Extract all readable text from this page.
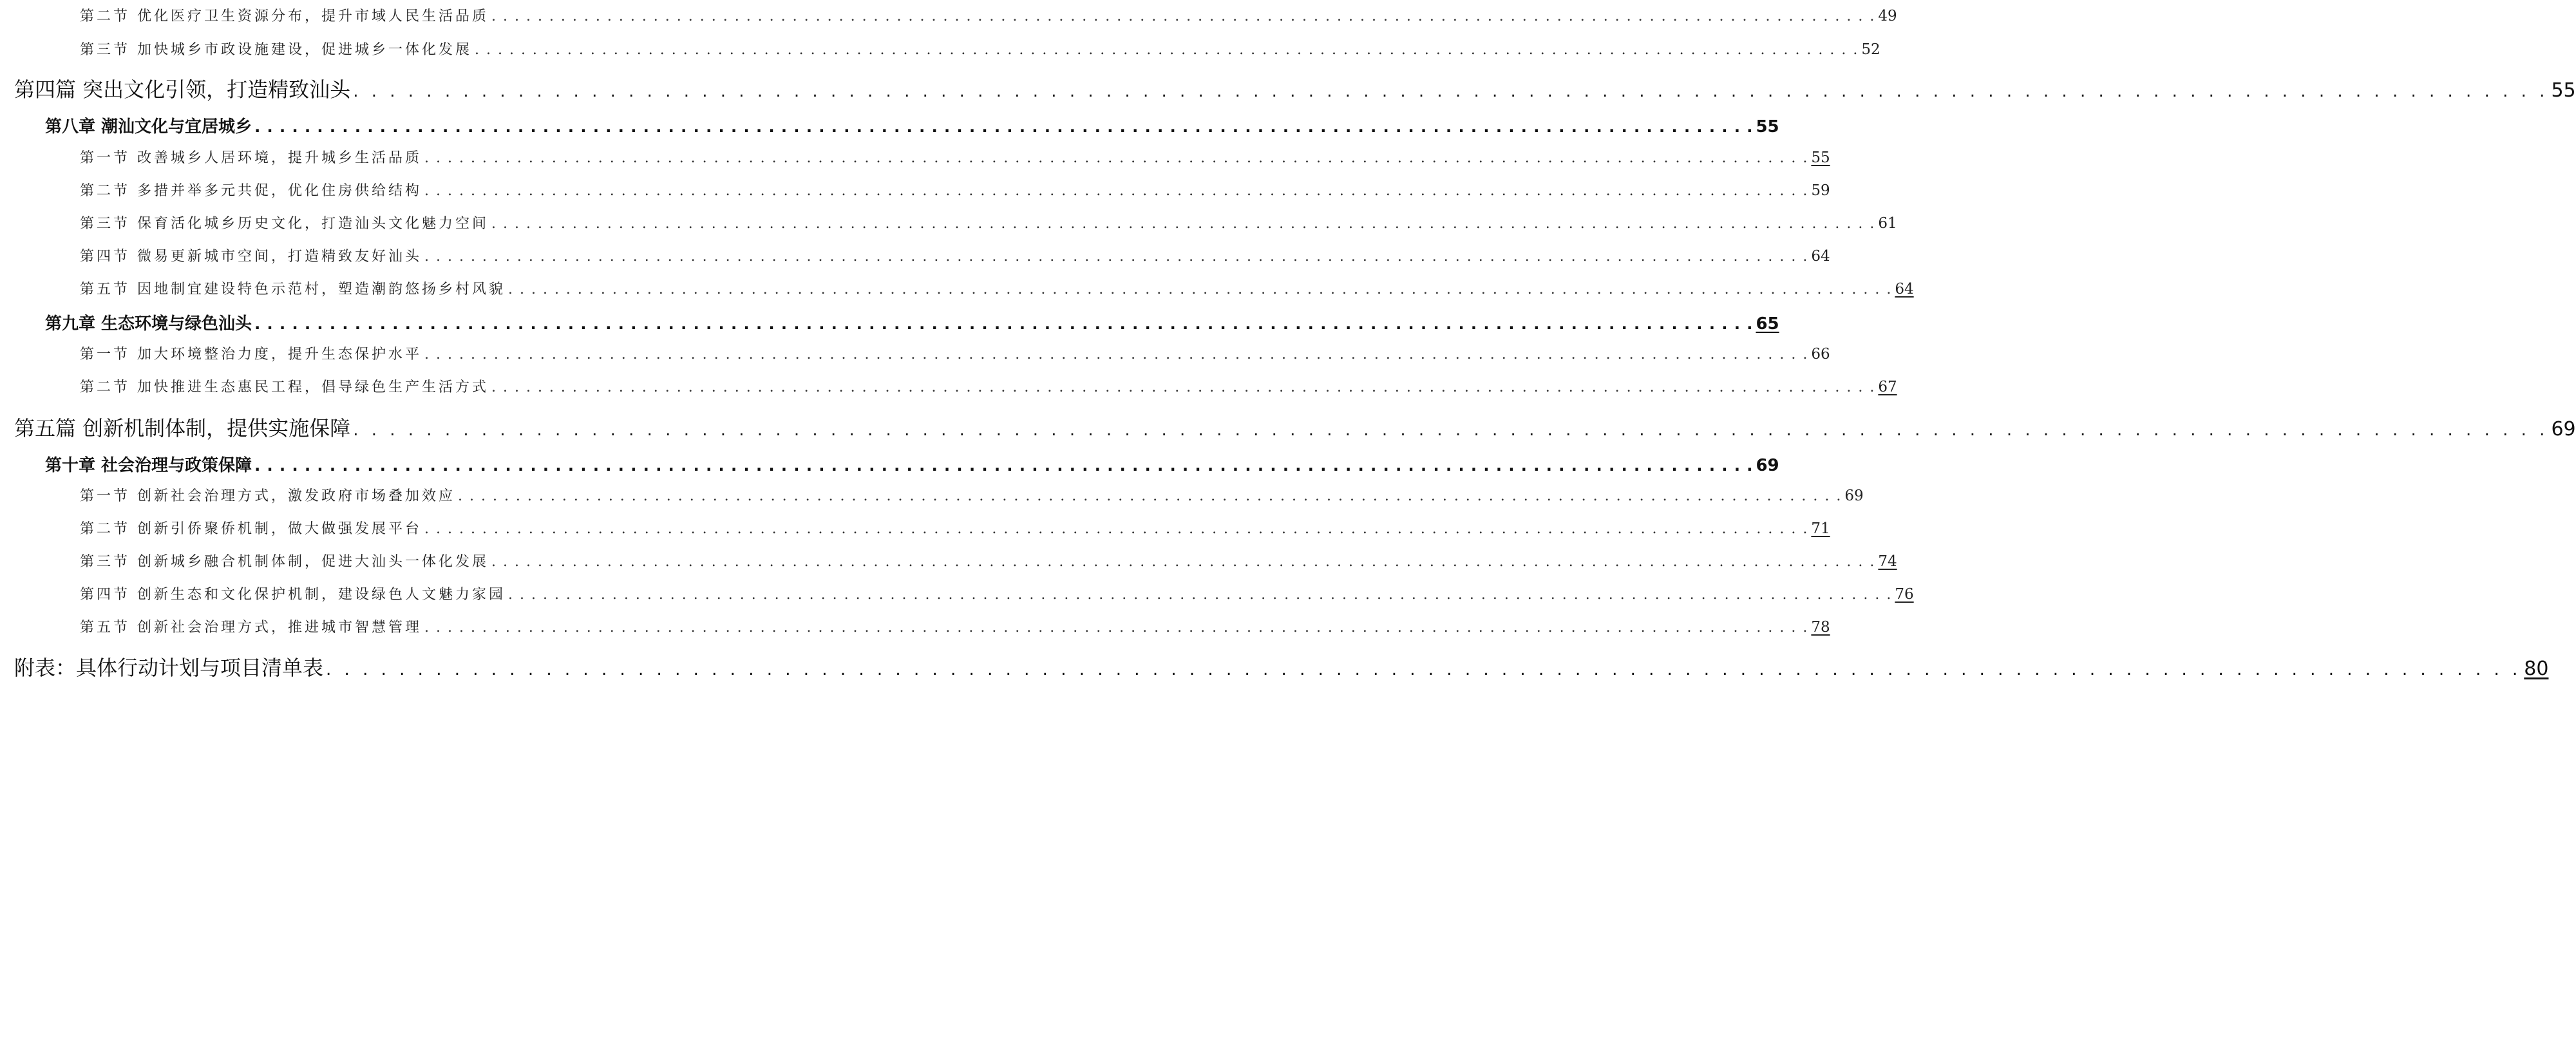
第二节 优化医疗卫生资源分布，提升市域人民生活品质 . . . . . . . . . . . . . . . . . . . . . . . . . . . . . . . . . . . . . . . . . . . . . . . . . . . . . . . . . . . . . . . . . . . . . . . . . . . . . . . . . . . . . . . . . . . . . . . . . . . . . . . . . . . . . . . . . . . . . . . . 49
第三节 加快城乡市政设施建设，促进城乡一体化发展 . . . . . . . . . . . . . . . . . . . . . . . . . . . . . . . . . . . . . . . . . . . . . . . . . . . . . . . . . . . . . . . . . . . . . . . . . . . . . . . . . . . . . . . . . . . . . . . . . . . . . . . . . . . . . . . . . . . . . . . . 52
第四篇 突出文化引领，打造精致汕头 . . . . . . . . . . . . . . . . . . . . . . . . . . . . . . . . . . . . . . . . . . . . . . . . . . . . . . . . . . . . . . . . . . . . . . . . . . . . . . . . . . . . . . . . . . . . . . . . . . . . . . . . . . . . . . . . . . . . . . . . 55
第八章 潮汕文化与宜居城乡 . . . . . . . . . . . . . . . . . . . . . . . . . . . . . . . . . . . . . . . . . . . . . . . . . . . . . . . . . . . . . . . . . . . . . . . . . . . . . . . . . . . . . . . . . . . . . . . . . . . . . . . . . . . . . . . . . . . . . . . . 55
第一节 改善城乡人居环境，提升城乡生活品质 . . . . . . . . . . . . . . . . . . . . . . . . . . . . . . . . . . . . . . . . . . . . . . . . . . . . . . . . . . . . . . . . . . . . . . . . . . . . . . . . . . . . . . . . . . . . . . . . . . . . . . . . . . . . . . . . . . . . . . . . 55
第二节 多措并举多元共促，优化住房供给结构 . . . . . . . . . . . . . . . . . . . . . . . . . . . . . . . . . . . . . . . . . . . . . . . . . . . . . . . . . . . . . . . . . . . . . . . . . . . . . . . . . . . . . . . . . . . . . . . . . . . . . . . . . . . . . . . . . . . . . . . . 59
第三节 保育活化城乡历史文化，打造汕头文化魅力空间 . . . . . . . . . . . . . . . . . . . . . . . . . . . . . . . . . . . . . . . . . . . . . . . . . . . . . . . . . . . . . . . . . . . . . . . . . . . . . . . . . . . . . . . . . . . . . . . . . . . . . . . . . . . . . . . . . . . . . . . . 61
第四节 微易更新城市空间，打造精致友好汕头 . . . . . . . . . . . . . . . . . . . . . . . . . . . . . . . . . . . . . . . . . . . . . . . . . . . . . . . . . . . . . . . . . . . . . . . . . . . . . . . . . . . . . . . . . . . . . . . . . . . . . . . . . . . . . . . . . . . . . . . . 64
第五节 因地制宜建设特色示范村，塑造潮韵悠扬乡村风貌 . . . . . . . . . . . . . . . . . . . . . . . . . . . . . . . . . . . . . . . . . . . . . . . . . . . . . . . . . . . . . . . . . . . . . . . . . . . . . . . . . . . . . . . . . . . . . . . . . . . . . . . . . . . . . . . . . . . . . . . . 64
第九章 生态环境与绿色汕头 . . . . . . . . . . . . . . . . . . . . . . . . . . . . . . . . . . . . . . . . . . . . . . . . . . . . . . . . . . . . . . . . . . . . . . . . . . . . . . . . . . . . . . . . . . . . . . . . . . . . . . . . . . . . . . . . . . . . . . . . 65
第一节 加大环境整治力度，提升生态保护水平 . . . . . . . . . . . . . . . . . . . . . . . . . . . . . . . . . . . . . . . . . . . . . . . . . . . . . . . . . . . . . . . . . . . . . . . . . . . . . . . . . . . . . . . . . . . . . . . . . . . . . . . . . . . . . . . . . . . . . . . . 66
第二节 加快推进生态惠民工程，倡导绿色生产生活方式 . . . . . . . . . . . . . . . . . . . . . . . . . . . . . . . . . . . . . . . . . . . . . . . . . . . . . . . . . . . . . . . . . . . . . . . . . . . . . . . . . . . . . . . . . . . . . . . . . . . . . . . . . . . . . . . . . . . . . . . . 67
第五篇 创新机制体制，提供实施保障 . . . . . . . . . . . . . . . . . . . . . . . . . . . . . . . . . . . . . . . . . . . . . . . . . . . . . . . . . . . . . . . . . . . . . . . . . . . . . . . . . . . . . . . . . . . . . . . . . . . . . . . . . . . . . . . . . . . . . . . . 69
第十章 社会治理与政策保障 . . . . . . . . . . . . . . . . . . . . . . . . . . . . . . . . . . . . . . . . . . . . . . . . . . . . . . . . . . . . . . . . . . . . . . . . . . . . . . . . . . . . . . . . . . . . . . . . . . . . . . . . . . . . . . . . . . . . . . . . 69
第一节 创新社会治理方式，激发政府市场叠加效应 . . . . . . . . . . . . . . . . . . . . . . . . . . . . . . . . . . . . . . . . . . . . . . . . . . . . . . . . . . . . . . . . . . . . . . . . . . . . . . . . . . . . . . . . . . . . . . . . . . . . . . . . . . . . . . . . . . . . . . . . 69
第二节 创新引侨聚侨机制，做大做强发展平台 . . . . . . . . . . . . . . . . . . . . . . . . . . . . . . . . . . . . . . . . . . . . . . . . . . . . . . . . . . . . . . . . . . . . . . . . . . . . . . . . . . . . . . . . . . . . . . . . . . . . . . . . . . . . . . . . . . . . . . . . 71
第三节 创新城乡融合机制体制，促进大汕头一体化发展 . . . . . . . . . . . . . . . . . . . . . . . . . . . . . . . . . . . . . . . . . . . . . . . . . . . . . . . . . . . . . . . . . . . . . . . . . . . . . . . . . . . . . . . . . . . . . . . . . . . . . . . . . . . . . . . . . . . . . . . . 74
第四节 创新生态和文化保护机制，建设绿色人文魅力家园 . . . . . . . . . . . . . . . . . . . . . . . . . . . . . . . . . . . . . . . . . . . . . . . . . . . . . . . . . . . . . . . . . . . . . . . . . . . . . . . . . . . . . . . . . . . . . . . . . . . . . . . . . . . . . . . . . . . . . . . . 76
第五节 创新社会治理方式，推进城市智慧管理 . . . . . . . . . . . . . . . . . . . . . . . . . . . . . . . . . . . . . . . . . . . . . . . . . . . . . . . . . . . . . . . . . . . . . . . . . . . . . . . . . . . . . . . . . . . . . . . . . . . . . . . . . . . . . . . . . . . . . . . . 78
附表：具体行动计划与项目清单表 . . . . . . . . . . . . . . . . . . . . . . . . . . . . . . . . . . . . . . . . . . . . . . . . . . . . . . . . . . . . . . . . . . . . . . . . . . . . . . . . . . . . . . . . . . . . . . . . . . . . . . . . . . . . . . . . . . . . . . . . 80
